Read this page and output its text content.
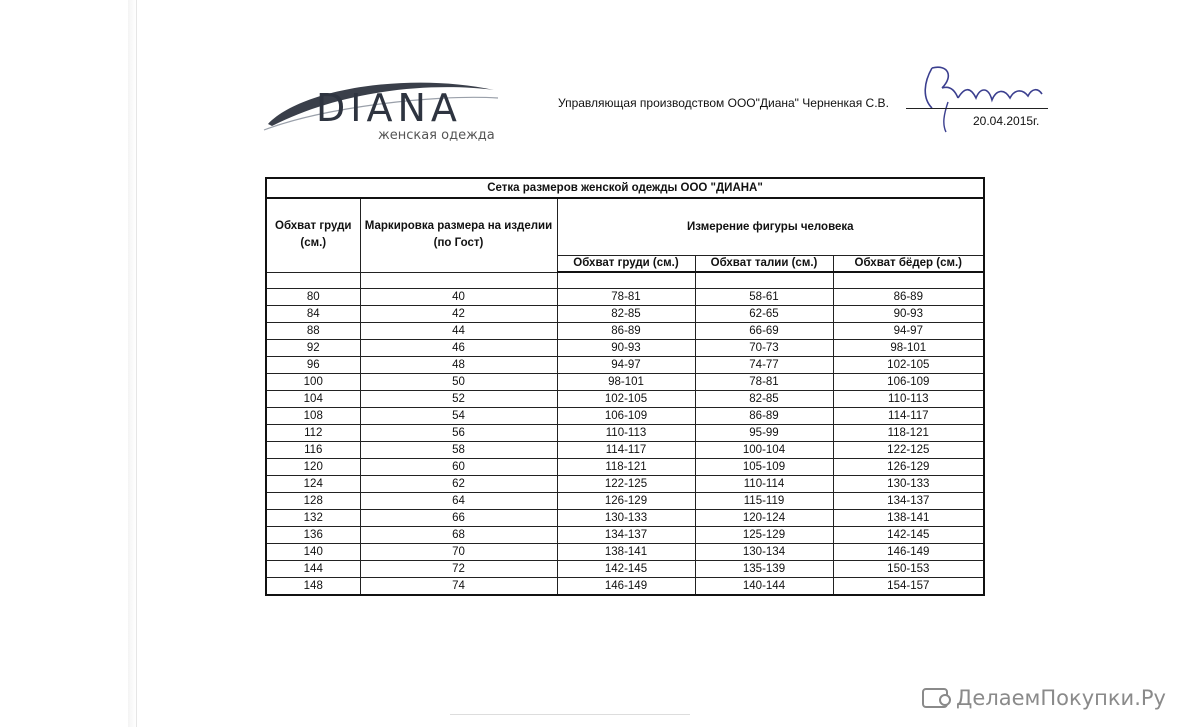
DIANA
женская одежда
Управляющая производством ООО"Диана" Черненкая С.В.
20.04.2015г.
Сетка размеров женской одежды ООО "ДИАНА"				
Обхват груди (см.)	Маркировка размера на изделии (по Гост)	Измерение фигуры человека		
		Обхват груди (см.)	Обхват талии (см.)	Обхват бёдер (см.)

80	40	78-81	58-61	86-89
84	42	82-85	62-65	90-93
88	44	86-89	66-69	94-97
92	46	90-93	70-73	98-101
96	48	94-97	74-77	102-105
100	50	98-101	78-81	106-109
104	52	102-105	82-85	110-113
108	54	106-109	86-89	114-117
112	56	110-113	95-99	118-121
116	58	114-117	100-104	122-125
120	60	118-121	105-109	126-129
124	62	122-125	110-114	130-133
128	64	126-129	115-119	134-137
132	66	130-133	120-124	138-141
136	68	134-137	125-129	142-145
140	70	138-141	130-134	146-149
144	72	142-145	135-139	150-153
148	74	146-149	140-144	154-157
ДелаемПокупки.Ру
